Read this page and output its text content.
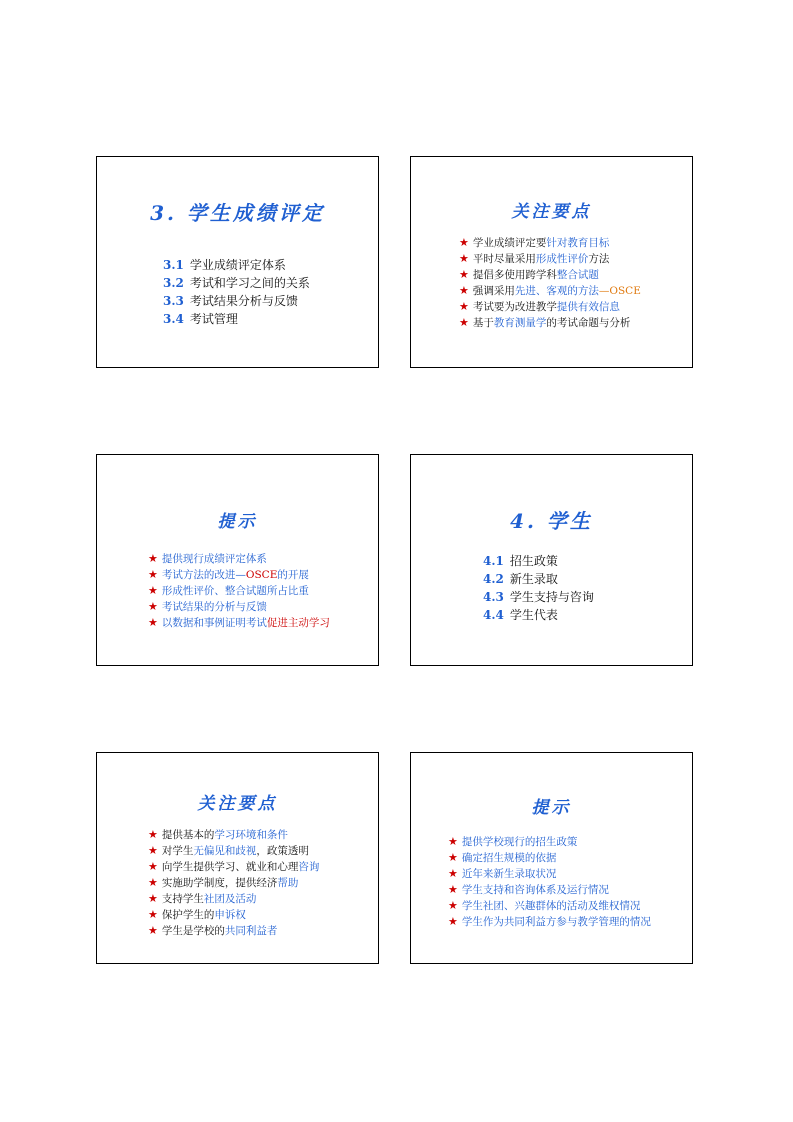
3. 学生成绩评定
3.1 学业成绩评定体系
3.2 考试和学习之间的关系
3.3 考试结果分析与反馈
3.4 考试管理
关注要点
★ 学业成绩评定要针对教育目标
★ 平时尽量采用形成性评价方法
★ 提倡多使用跨学科整合试题
★ 强调采用先进、客观的方法—OSCE
★ 考试要为改进教学提供有效信息
★ 基于教育测量学的考试命题与分析
提示
★ 提供现行成绩评定体系
★ 考试方法的改进—OSCE的开展
★ 形成性评价、整合试题所占比重
★ 考试结果的分析与反馈
★ 以数据和事例证明考试促进主动学习
4. 学生
4.1 招生政策
4.2 新生录取
4.3 学生支持与咨询
4.4 学生代表
关注要点
★ 提供基本的学习环境和条件
★ 对学生无偏见和歧视，政策透明
★ 向学生提供学习、就业和心理咨询
★ 实施助学制度，提供经济帮助
★ 支持学生社团及活动
★ 保护学生的申诉权
★ 学生是学校的共同利益者
提示
★ 提供学校现行的招生政策
★ 确定招生规模的依据
★ 近年来新生录取状况
★ 学生支持和咨询体系及运行情况
★ 学生社团、兴趣群体的活动及维权情况
★ 学生作为共同利益方参与教学管理的情况
